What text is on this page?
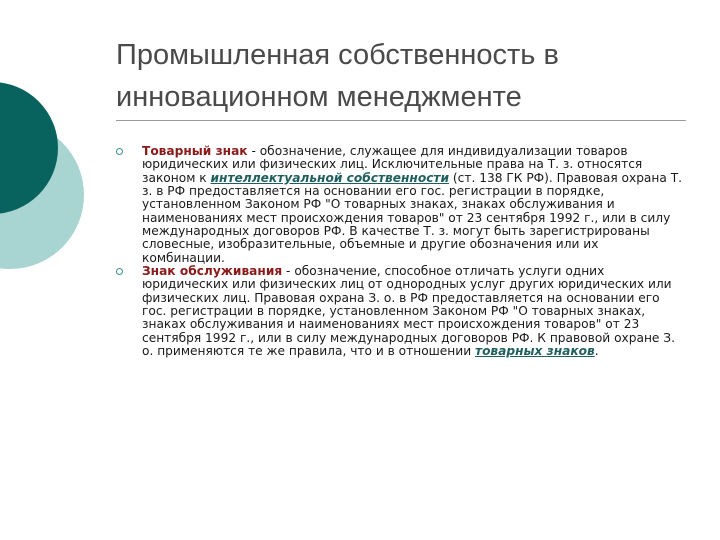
Промышленная собственность в
инновационном менеджменте
Товарный знак - обозначение, служащее для индивидуализации товаров юридических или физических лиц. Исключительные права на Т. з. относятся законом к интеллектуальной собственности (ст. 138 ГК РФ). Правовая охрана Т. з. в РФ предоставляется на основании его гос. регистрации в порядке, установленном Законом РФ "О товарных знаках, знаках обслуживания и наименованиях мест происхождения товаров" от 23 сентября 1992 г., или в силу международных договоров РФ. В качестве Т. з. могут быть зарегистрированы словесные, изобразительные, объемные и другие обозначения или их комбинации.
Знак обслуживания - обозначение, способное отличать услуги одних юридических или физических лиц от однородных услуг других юридических или физических лиц. Правовая охрана З. о. в РФ предоставляется на основании его гос. регистрации в порядке, установленном Законом РФ "О товарных знаках, знаках обслуживания и наименованиях мест происхождения товаров" от 23 сентября 1992 г., или в силу международных договоров РФ. К правовой охране З. о. применяются те же правила, что и в отношении товарных знаков.
